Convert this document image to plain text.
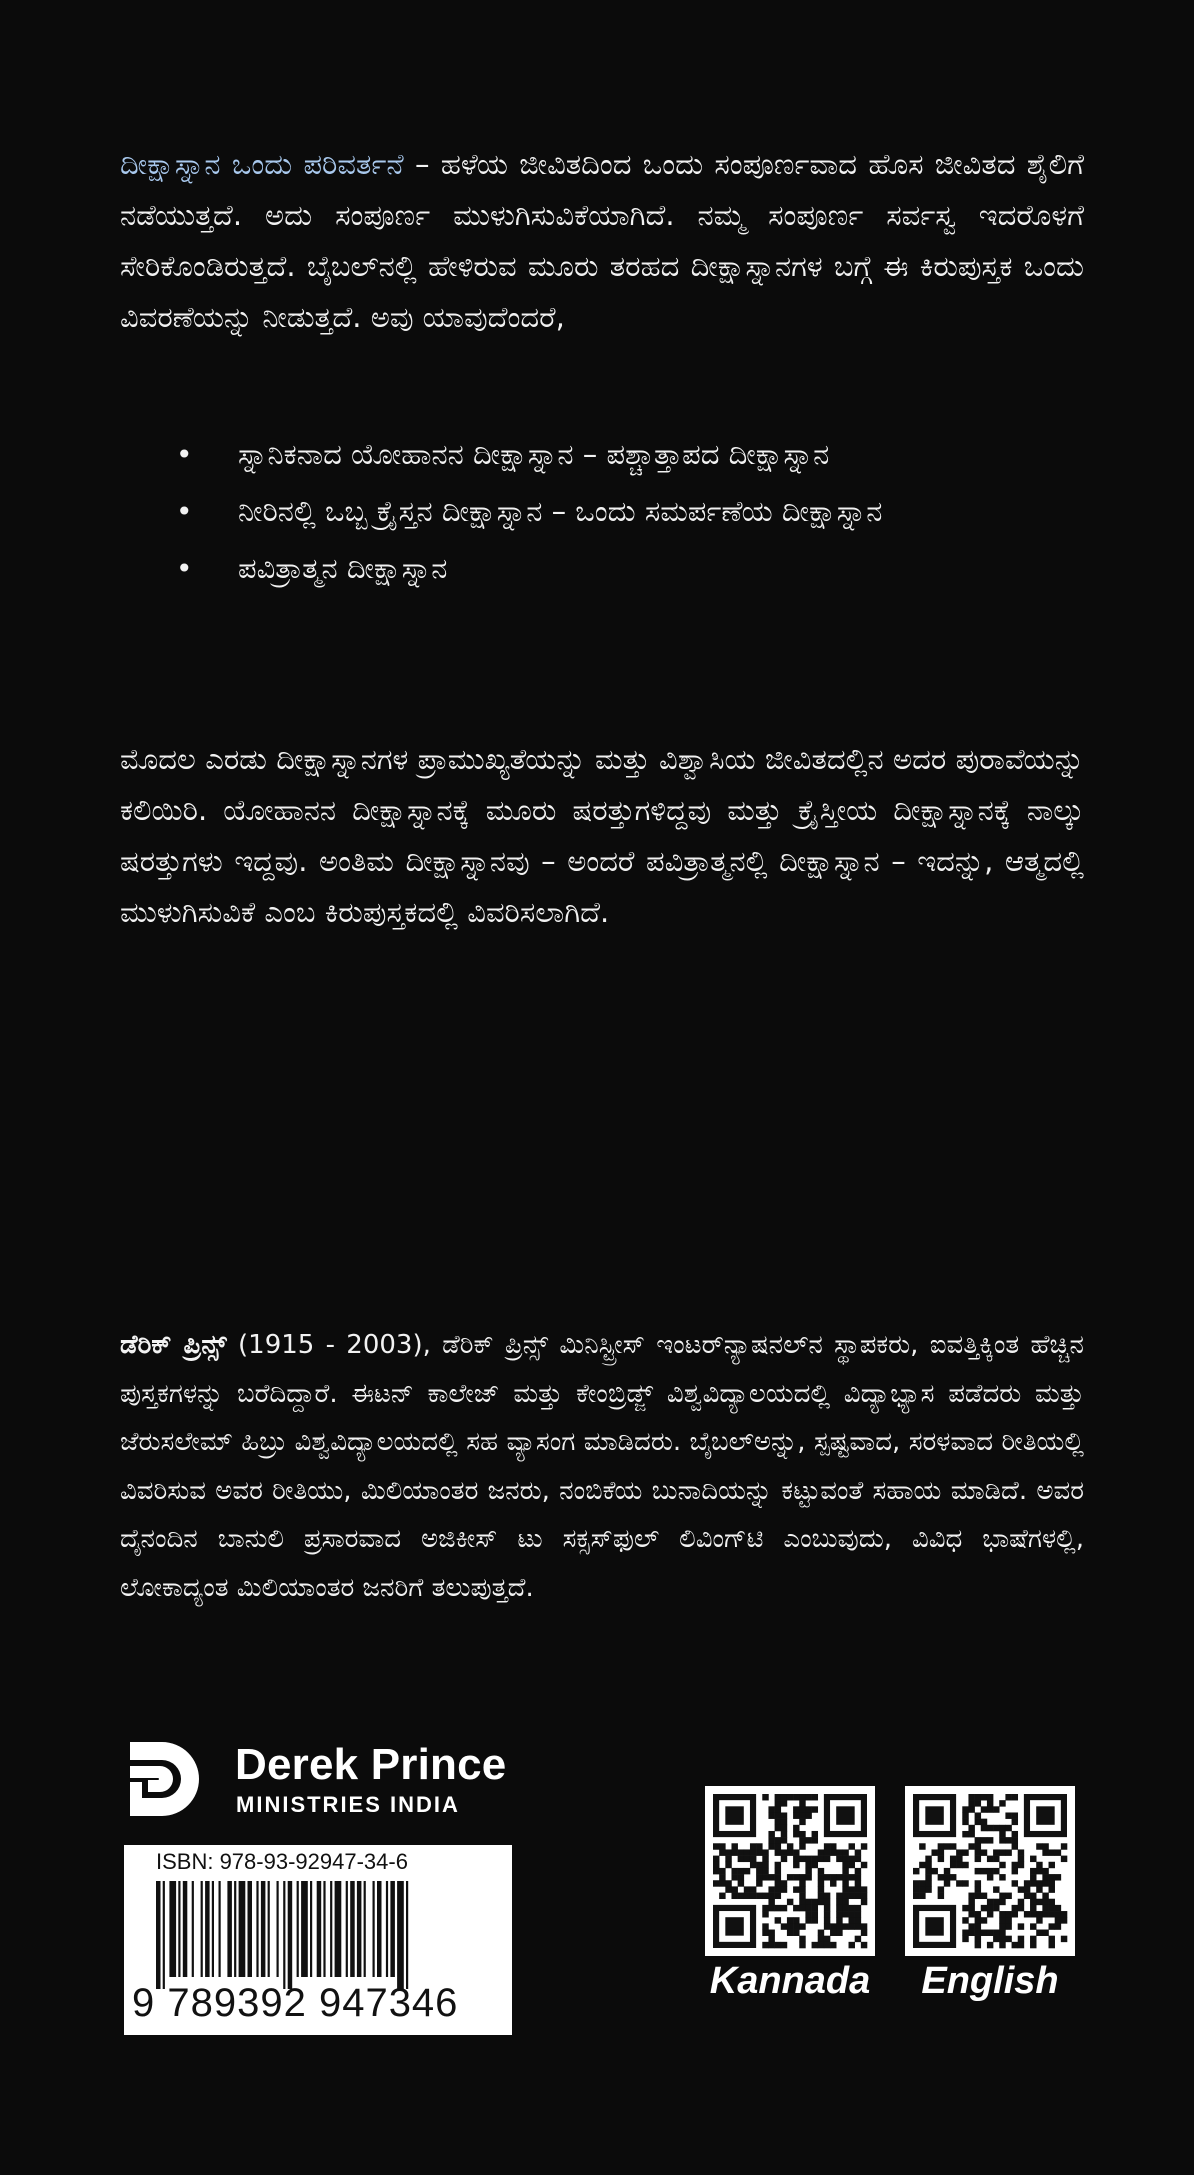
ದೀಕ್ಷಾಸ್ನಾನ ಒಂದು ಪರಿವರ್ತನೆ – ಹಳೆಯ ಜೀವಿತದಿಂದ ಒಂದು ಸಂಪೂರ್ಣವಾದ ಹೊಸ ಜೀವಿತದ ಶೈಲಿಗೆ ನಡೆಯುತ್ತದೆ. ಅದು ಸಂಪೂರ್ಣ ಮುಳುಗಿಸುವಿಕೆಯಾಗಿದೆ. ನಮ್ಮ ಸಂಪೂರ್ಣ ಸರ್ವಸ್ವ ಇದರೊಳಗೆ ಸೇರಿಕೊಂಡಿರುತ್ತದೆ. ಬೈಬಲ್‌ನಲ್ಲಿ ಹೇಳಿರುವ ಮೂರು ತರಹದ ದೀಕ್ಷಾಸ್ನಾನಗಳ ಬಗ್ಗೆ ಈ ಕಿರುಪುಸ್ತಕ ಒಂದು ವಿವರಣೆಯನ್ನು ನೀಡುತ್ತದೆ. ಅವು ಯಾವುದೆಂದರೆ,

• ಸ್ನಾನಿಕನಾದ ಯೋಹಾನನ ದೀಕ್ಷಾಸ್ನಾನ – ಪಶ್ಚಾತ್ತಾಪದ ದೀಕ್ಷಾಸ್ನಾನ
• ನೀರಿನಲ್ಲಿ ಒಬ್ಬ ಕ್ರೈಸ್ತನ ದೀಕ್ಷಾಸ್ನಾನ – ಒಂದು ಸಮರ್ಪಣೆಯ ದೀಕ್ಷಾಸ್ನಾನ
• ಪವಿತ್ರಾತ್ಮನ ದೀಕ್ಷಾಸ್ನಾನ

ಮೊದಲ ಎರಡು ದೀಕ್ಷಾಸ್ನಾನಗಳ ಪ್ರಾಮುಖ್ಯತೆಯನ್ನು ಮತ್ತು ವಿಶ್ವಾಸಿಯ ಜೀವಿತದಲ್ಲಿನ ಅದರ ಪುರಾವೆಯನ್ನು ಕಲಿಯಿರಿ. ಯೋಹಾನನ ದೀಕ್ಷಾಸ್ನಾನಕ್ಕೆ ಮೂರು ಷರತ್ತುಗಳಿದ್ದವು ಮತ್ತು ಕ್ರೈಸ್ತೀಯ ದೀಕ್ಷಾಸ್ನಾನಕ್ಕೆ ನಾಲ್ಕು ಷರತ್ತುಗಳು ಇದ್ದವು. ಅಂತಿಮ ದೀಕ್ಷಾಸ್ನಾನವು – ಅಂದರೆ ಪವಿತ್ರಾತ್ಮನಲ್ಲಿ ದೀಕ್ಷಾಸ್ನಾನ – ಇದನ್ನು, ಆತ್ಮದಲ್ಲಿ ಮುಳುಗಿಸುವಿಕೆ ಎಂಬ ಕಿರುಪುಸ್ತಕದಲ್ಲಿ ವಿವರಿಸಲಾಗಿದೆ.

ಡೆರಿಕ್ ಪ್ರಿನ್ಸ್ (1915 - 2003), ಡೆರಿಕ್ ಪ್ರಿನ್ಸ್ ಮಿನಿಸ್ಟ್ರೀಸ್ ಇಂಟರ್‌ನ್ಯಾಷನಲ್‌ನ ಸ್ಥಾಪಕರು, ಐವತ್ತಿಕ್ಕಿಂತ ಹೆಚ್ಚಿನ ಪುಸ್ತಕಗಳನ್ನು ಬರೆದಿದ್ದಾರೆ. ಈಟನ್ ಕಾಲೇಜ್ ಮತ್ತು ಕೇಂಬ್ರಿಡ್ಜ್ ವಿಶ್ವವಿದ್ಯಾಲಯದಲ್ಲಿ ವಿದ್ಯಾಭ್ಯಾಸ ಪಡೆದರು ಮತ್ತು ಜೆರುಸಲೇಮ್ ಹಿಬ್ರು ವಿಶ್ವವಿದ್ಯಾಲಯದಲ್ಲಿ ಸಹ ವ್ಯಾಸಂಗ ಮಾಡಿದರು. ಬೈಬಲ್‌ಅನ್ನು, ಸ್ಪಷ್ಟವಾದ, ಸರಳವಾದ ರೀತಿಯಲ್ಲಿ ವಿವರಿಸುವ ಅವರ ರೀತಿಯು, ಮಿಲಿಯಾಂತರ ಜನರು, ನಂಬಿಕೆಯ ಬುನಾದಿಯನ್ನು ಕಟ್ಟುವಂತೆ ಸಹಾಯ ಮಾಡಿದೆ. ಅವರ ದೈನಂದಿನ ಬಾನುಲಿ ಪ್ರಸಾರವಾದ ಅಜಿಕೀಸ್ ಟು ಸಕ್ಸಸ್‌ಫುಲ್ ಲಿವಿಂಗ್‌ಟಿ ಎಂಬುವುದು, ವಿವಿಧ ಭಾಷೆಗಳಲ್ಲಿ, ಲೋಕಾದ್ಯಂತ ಮಿಲಿಯಾಂತರ ಜನರಿಗೆ ತಲುಪುತ್ತದೆ.

Derek Prince
MINISTRIES INDIA
ISBN: 978-93-92947-34-6
9 789392 947346	Kannada	English
